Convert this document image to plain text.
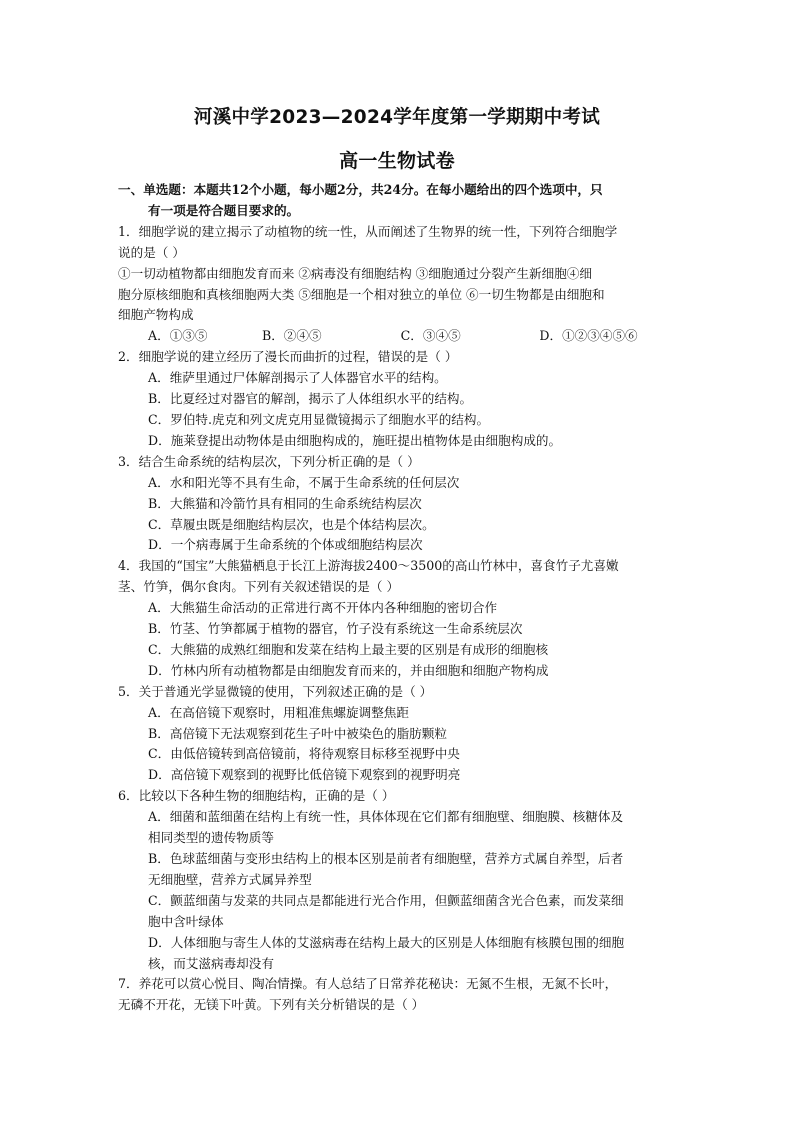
河溪中学2023—2024学年度第一学期期中考试
高一生物试卷
一、单选题：本题共12个小题，每小题2分，共24分。在每小题给出的四个选项中，只
有一项是符合题目要求的。
1．细胞学说的建立揭示了动植物的统一性，从而阐述了生物界的统一性，下列符合细胞学
说的是（ ）
①一切动植物都由细胞发育而来 ②病毒没有细胞结构 ③细胞通过分裂产生新细胞④细
胞分原核细胞和真核细胞两大类 ⑤细胞是一个相对独立的单位 ⑥一切生物都是由细胞和
细胞产物构成
A．①③⑤	B．②④⑤	C．③④⑤	D．①②③④⑤⑥
2．细胞学说的建立经历了漫长而曲折的过程，错误的是（ ）
A．维萨里通过尸体解剖揭示了人体器官水平的结构。
B．比夏经过对器官的解剖，揭示了人体组织水平的结构。
C．罗伯特.虎克和列文虎克用显微镜揭示了细胞水平的结构。
D．施莱登提出动物体是由细胞构成的，施旺提出植物体是由细胞构成的。
3．结合生命系统的结构层次，下列分析正确的是（ ）
A．水和阳光等不具有生命，不属于生命系统的任何层次
B．大熊猫和冷箭竹具有相同的生命系统结构层次
C．草履虫既是细胞结构层次，也是个体结构层次。
D．一个病毒属于生命系统的个体或细胞结构层次
4．我国的“国宝”大熊猫栖息于长江上游海拔2400～3500的高山竹林中，喜食竹子尤喜嫩
茎、竹笋，偶尔食肉。下列有关叙述错误的是（ ）
A．大熊猫生命活动的正常进行离不开体内各种细胞的密切合作
B．竹茎、竹笋都属于植物的器官，竹子没有系统这一生命系统层次
C．大熊猫的成熟红细胞和发菜在结构上最主要的区别是有成形的细胞核
D．竹林内所有动植物都是由细胞发育而来的，并由细胞和细胞产物构成
5．关于普通光学显微镜的使用，下列叙述正确的是（ ）
A．在高倍镜下观察时，用粗准焦螺旋调整焦距
B．高倍镜下无法观察到花生子叶中被染色的脂肪颗粒
C．由低倍镜转到高倍镜前，将待观察目标移至视野中央
D．高倍镜下观察到的视野比低倍镜下观察到的视野明亮
6．比较以下各种生物的细胞结构，正确的是（ ）
A．细菌和蓝细菌在结构上有统一性，具体体现在它们都有细胞壁、细胞膜、核糖体及
相同类型的遗传物质等
B．色球蓝细菌与变形虫结构上的根本区别是前者有细胞壁，营养方式属自养型，后者
无细胞壁，营养方式属异养型
C．颤蓝细菌与发菜的共同点是都能进行光合作用，但颤蓝细菌含光合色素，而发菜细
胞中含叶绿体
D．人体细胞与寄生人体的艾滋病毒在结构上最大的区别是人体细胞有核膜包围的细胞
核，而艾滋病毒却没有
7．养花可以赏心悦目、陶冶情操。有人总结了日常养花秘诀：无氮不生根，无氮不长叶，
无磷不开花，无镁下叶黄。下列有关分析错误的是（ ）
